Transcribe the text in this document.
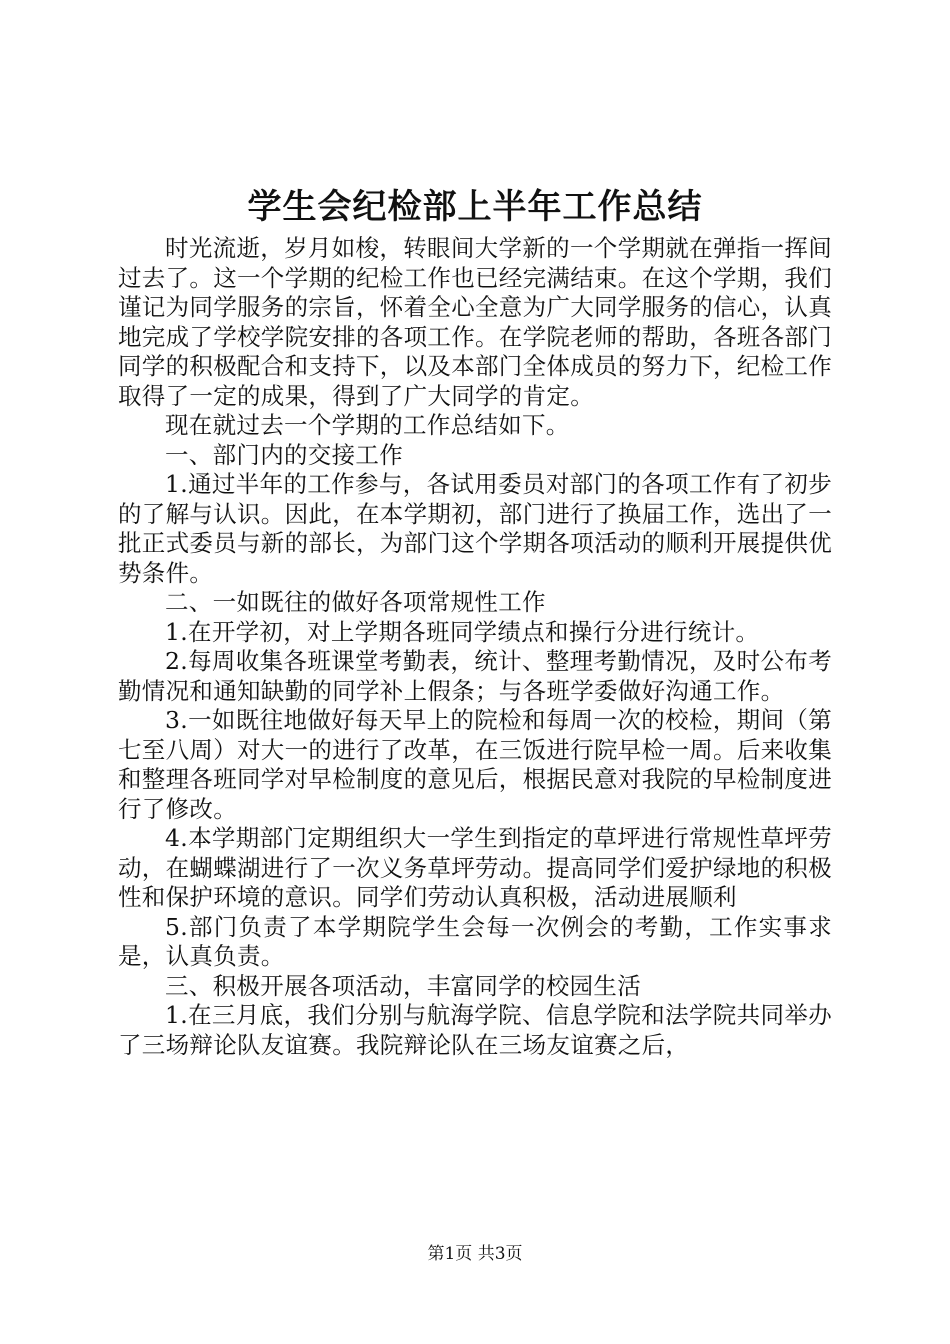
学生会纪检部上半年工作总结

时光流逝，岁月如梭，转眼间大学新的一个学期就在弹指一挥间过去了。这一个学期的纪检工作也已经完满结束。在这个学期，我们谨记为同学服务的宗旨，怀着全心全意为广大同学服务的信心，认真地完成了学校学院安排的各项工作。在学院老师的帮助，各班各部门同学的积极配合和支持下，以及本部门全体成员的努力下，纪检工作取得了一定的成果，得到了广大同学的肯定。

现在就过去一个学期的工作总结如下。

一、部门内的交接工作

1.通过半年的工作参与，各试用委员对部门的各项工作有了初步的了解与认识。因此，在本学期初，部门进行了换届工作，选出了一批正式委员与新的部长，为部门这个学期各项活动的顺利开展提供优势条件。

二、一如既往的做好各项常规性工作

1.在开学初，对上学期各班同学绩点和操行分进行统计。

2.每周收集各班课堂考勤表，统计、整理考勤情况，及时公布考勤情况和通知缺勤的同学补上假条；与各班学委做好沟通工作。

3.一如既往地做好每天早上的院检和每周一次的校检，期间（第七至八周）对大一的进行了改革，在三饭进行院早检一周。后来收集和整理各班同学对早检制度的意见后，根据民意对我院的早检制度进行了修改。

4.本学期部门定期组织大一学生到指定的草坪进行常规性草坪劳动，在蝴蝶湖进行了一次义务草坪劳动。提高同学们爱护绿地的积极性和保护环境的意识。同学们劳动认真积极，活动进展顺利

5.部门负责了本学期院学生会每一次例会的考勤，工作实事求是，认真负责。

三、积极开展各项活动，丰富同学的校园生活

1.在三月底，我们分别与航海学院、信息学院和法学院共同举办了三场辩论队友谊赛。我院辩论队在三场友谊赛之后，

第1页 共3页
